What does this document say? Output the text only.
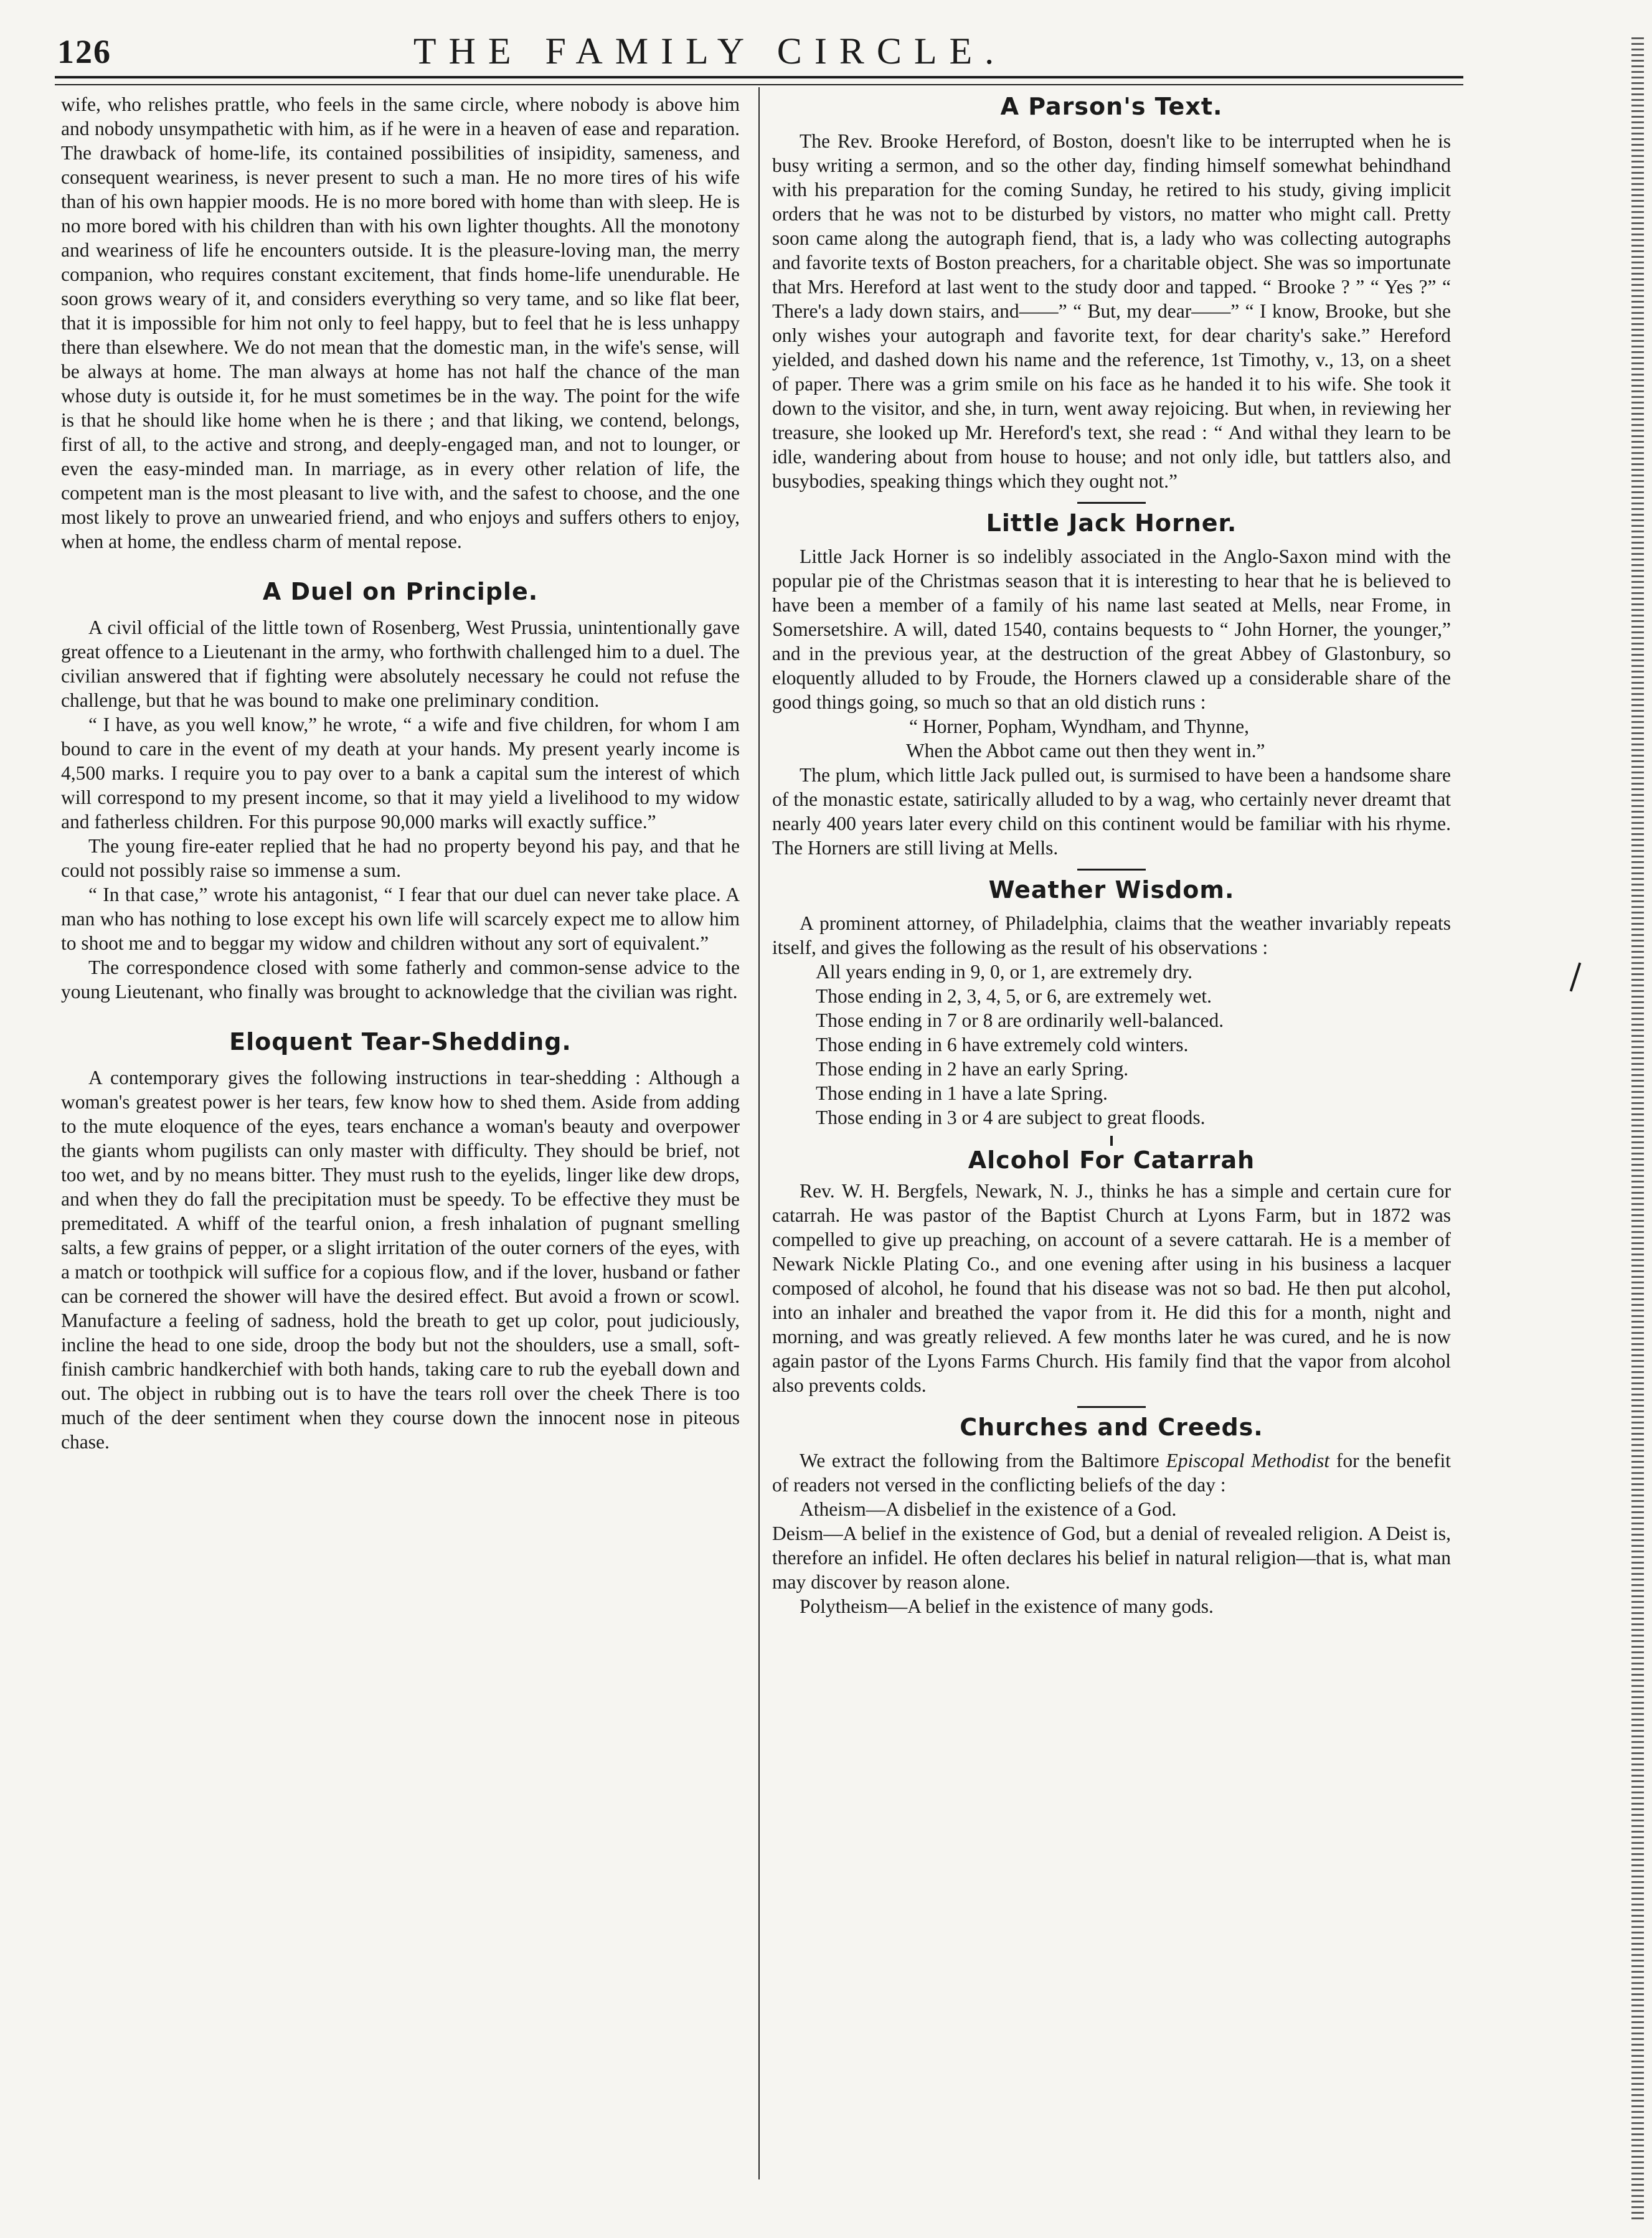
126	THE FAMILY CIRCLE.

wife, who relishes prattle, who feels in the same circle, where nobody is above him and nobody unsympathetic with him, as if he were in a heaven of ease and reparation. The drawback of home-life, its contained possibilities of insipidity, sameness, and consequent weariness, is never present to such a man. He no more tires of his wife than of his own happier moods. He is no more bored with home than with sleep. He is no more bored with his children than with his own lighter thoughts. All the monotony and weariness of life he encounters outside. It is the pleasure-loving man, the merry companion, who requires constant excitement, that finds home-life unendurable. He soon grows weary of it, and considers everything so very tame, and so like flat beer, that it is impossible for him not only to feel happy, but to feel that he is less unhappy there than elsewhere. We do not mean that the domestic man, in the wife's sense, will be always at home. The man always at home has not half the chance of the man whose duty is outside it, for he must sometimes be in the way. The point for the wife is that he should like home when he is there ; and that liking, we contend, belongs, first of all, to the active and strong, and deeply-engaged man, and not to lounger, or even the easy-minded man. In marriage, as in every other relation of life, the competent man is the most pleasant to live with, and the safest to choose, and the one most likely to prove an unwearied friend, and who enjoys and suffers others to enjoy, when at home, the endless charm of mental repose.

A Duel on Principle.

A civil official of the little town of Rosenberg, West Prussia, unintentionally gave great offence to a Lieutenant in the army, who forthwith challenged him to a duel. The civilian answered that if fighting were absolutely necessary he could not refuse the challenge, but that he was bound to make one preliminary condition.

“ I have, as you well know,” he wrote, “ a wife and five children, for whom I am bound to care in the event of my death at your hands. My present yearly income is 4,500 marks. I require you to pay over to a bank a capital sum the interest of which will correspond to my present income, so that it may yield a livelihood to my widow and fatherless children. For this purpose 90,000 marks will exactly suffice.”

The young fire-eater replied that he had no property beyond his pay, and that he could not possibly raise so immense a sum.

“ In that case,” wrote his antagonist, “ I fear that our duel can never take place. A man who has nothing to lose except his own life will scarcely expect me to allow him to shoot me and to beggar my widow and children without any sort of equivalent.”

The correspondence closed with some fatherly and common-sense advice to the young Lieutenant, who finally was brought to acknowledge that the civilian was right.

Eloquent Tear-Shedding.

A contemporary gives the following instructions in tear-shedding : Although a woman's greatest power is her tears, few know how to shed them. Aside from adding to the mute eloquence of the eyes, tears enchance a woman's beauty and overpower the giants whom pugilists can only master with difficulty. They should be brief, not too wet, and by no means bitter. They must rush to the eyelids, linger like dew drops, and when they do fall the precipitation must be speedy. To be effective they must be premeditated. A whiff of the tearful onion, a fresh inhalation of pugnant smelling salts, a few grains of pepper, or a slight irritation of the outer corners of the eyes, with a match or toothpick will suffice for a copious flow, and if the lover, husband or father can be cornered the shower will have the desired effect. But avoid a frown or scowl. Manufacture a feeling of sadness, hold the breath to get up color, pout judiciously, incline the head to one side, droop the body but not the shoulders, use a small, soft-finish cambric handkerchief with both hands, taking care to rub the eyeball down and out. The object in rubbing out is to have the tears roll over the cheek There is too much of the deer sentiment when they course down the innocent nose in piteous chase.

A Parson's Text.

The Rev. Brooke Hereford, of Boston, doesn't like to be interrupted when he is busy writing a sermon, and so the other day, finding himself somewhat behindhand with his preparation for the coming Sunday, he retired to his study, giving implicit orders that he was not to be disturbed by vistors, no matter who might call. Pretty soon came along the autograph fiend, that is, a lady who was collecting autographs and favorite texts of Boston preachers, for a charitable object. She was so importunate that Mrs. Hereford at last went to the study door and tapped. “ Brooke ? ” “ Yes ?” “ There's a lady down stairs, and——” “ But, my dear——” “ I know, Brooke, but she only wishes your autograph and favorite text, for dear charity's sake.” Hereford yielded, and dashed down his name and the reference, 1st Timothy, v., 13, on a sheet of paper. There was a grim smile on his face as he handed it to his wife. She took it down to the visitor, and she, in turn, went away rejoicing. But when, in reviewing her treasure, she looked up Mr. Hereford's text, she read : “ And withal they learn to be idle, wandering about from house to house; and not only idle, but tattlers also, and busybodies, speaking things which they ought not.”

Little Jack Horner.

Little Jack Horner is so indelibly associated in the Anglo-Saxon mind with the popular pie of the Christmas season that it is interesting to hear that he is believed to have been a member of a family of his name last seated at Mells, near Frome, in Somersetshire. A will, dated 1540, contains bequests to “ John Horner, the younger,” and in the previous year, at the destruction of the great Abbey of Glastonbury, so eloquently alluded to by Froude, the Horners clawed up a considerable share of the good things going, so much so that an old distich runs :

“ Horner, Popham, Wyndham, and Thynne,

When the Abbot came out then they went in.”

The plum, which little Jack pulled out, is surmised to have been a handsome share of the monastic estate, satirically alluded to by a wag, who certainly never dreamt that nearly 400 years later every child on this continent would be familiar with his rhyme. The Horners are still living at Mells.

Weather Wisdom.

A prominent attorney, of Philadelphia, claims that the weather invariably repeats itself, and gives the following as the result of his observations :

All years ending in 9, 0, or 1, are extremely dry.

Those ending in 2, 3, 4, 5, or 6, are extremely wet.

Those ending in 7 or 8 are ordinarily well-balanced.

Those ending in 6 have extremely cold winters.

Those ending in 2 have an early Spring.

Those ending in 1 have a late Spring.

Those ending in 3 or 4 are subject to great floods.

Alcohol For Catarrah

Rev. W. H. Bergfels, Newark, N. J., thinks he has a simple and certain cure for catarrah. He was pastor of the Baptist Church at Lyons Farm, but in 1872 was compelled to give up preaching, on account of a severe cattarah. He is a member of Newark Nickle Plating Co., and one evening after using in his business a lacquer composed of alcohol, he found that his disease was not so bad. He then put alcohol, into an inhaler and breathed the vapor from it. He did this for a month, night and morning, and was greatly relieved. A few months later he was cured, and he is now again pastor of the Lyons Farms Church. His family find that the vapor from alcohol also prevents colds.

Churches and Creeds.

We extract the following from the Baltimore Episcopal Methodist for the benefit of readers not versed in the conflicting beliefs of the day :

Atheism—A disbelief in the existence of a God.

Deism—A belief in the existence of God, but a denial of revealed religion. A Deist is, therefore an infidel. He often declares his belief in natural religion—that is, what man may discover by reason alone.

Polytheism—A belief in the existence of many gods.
